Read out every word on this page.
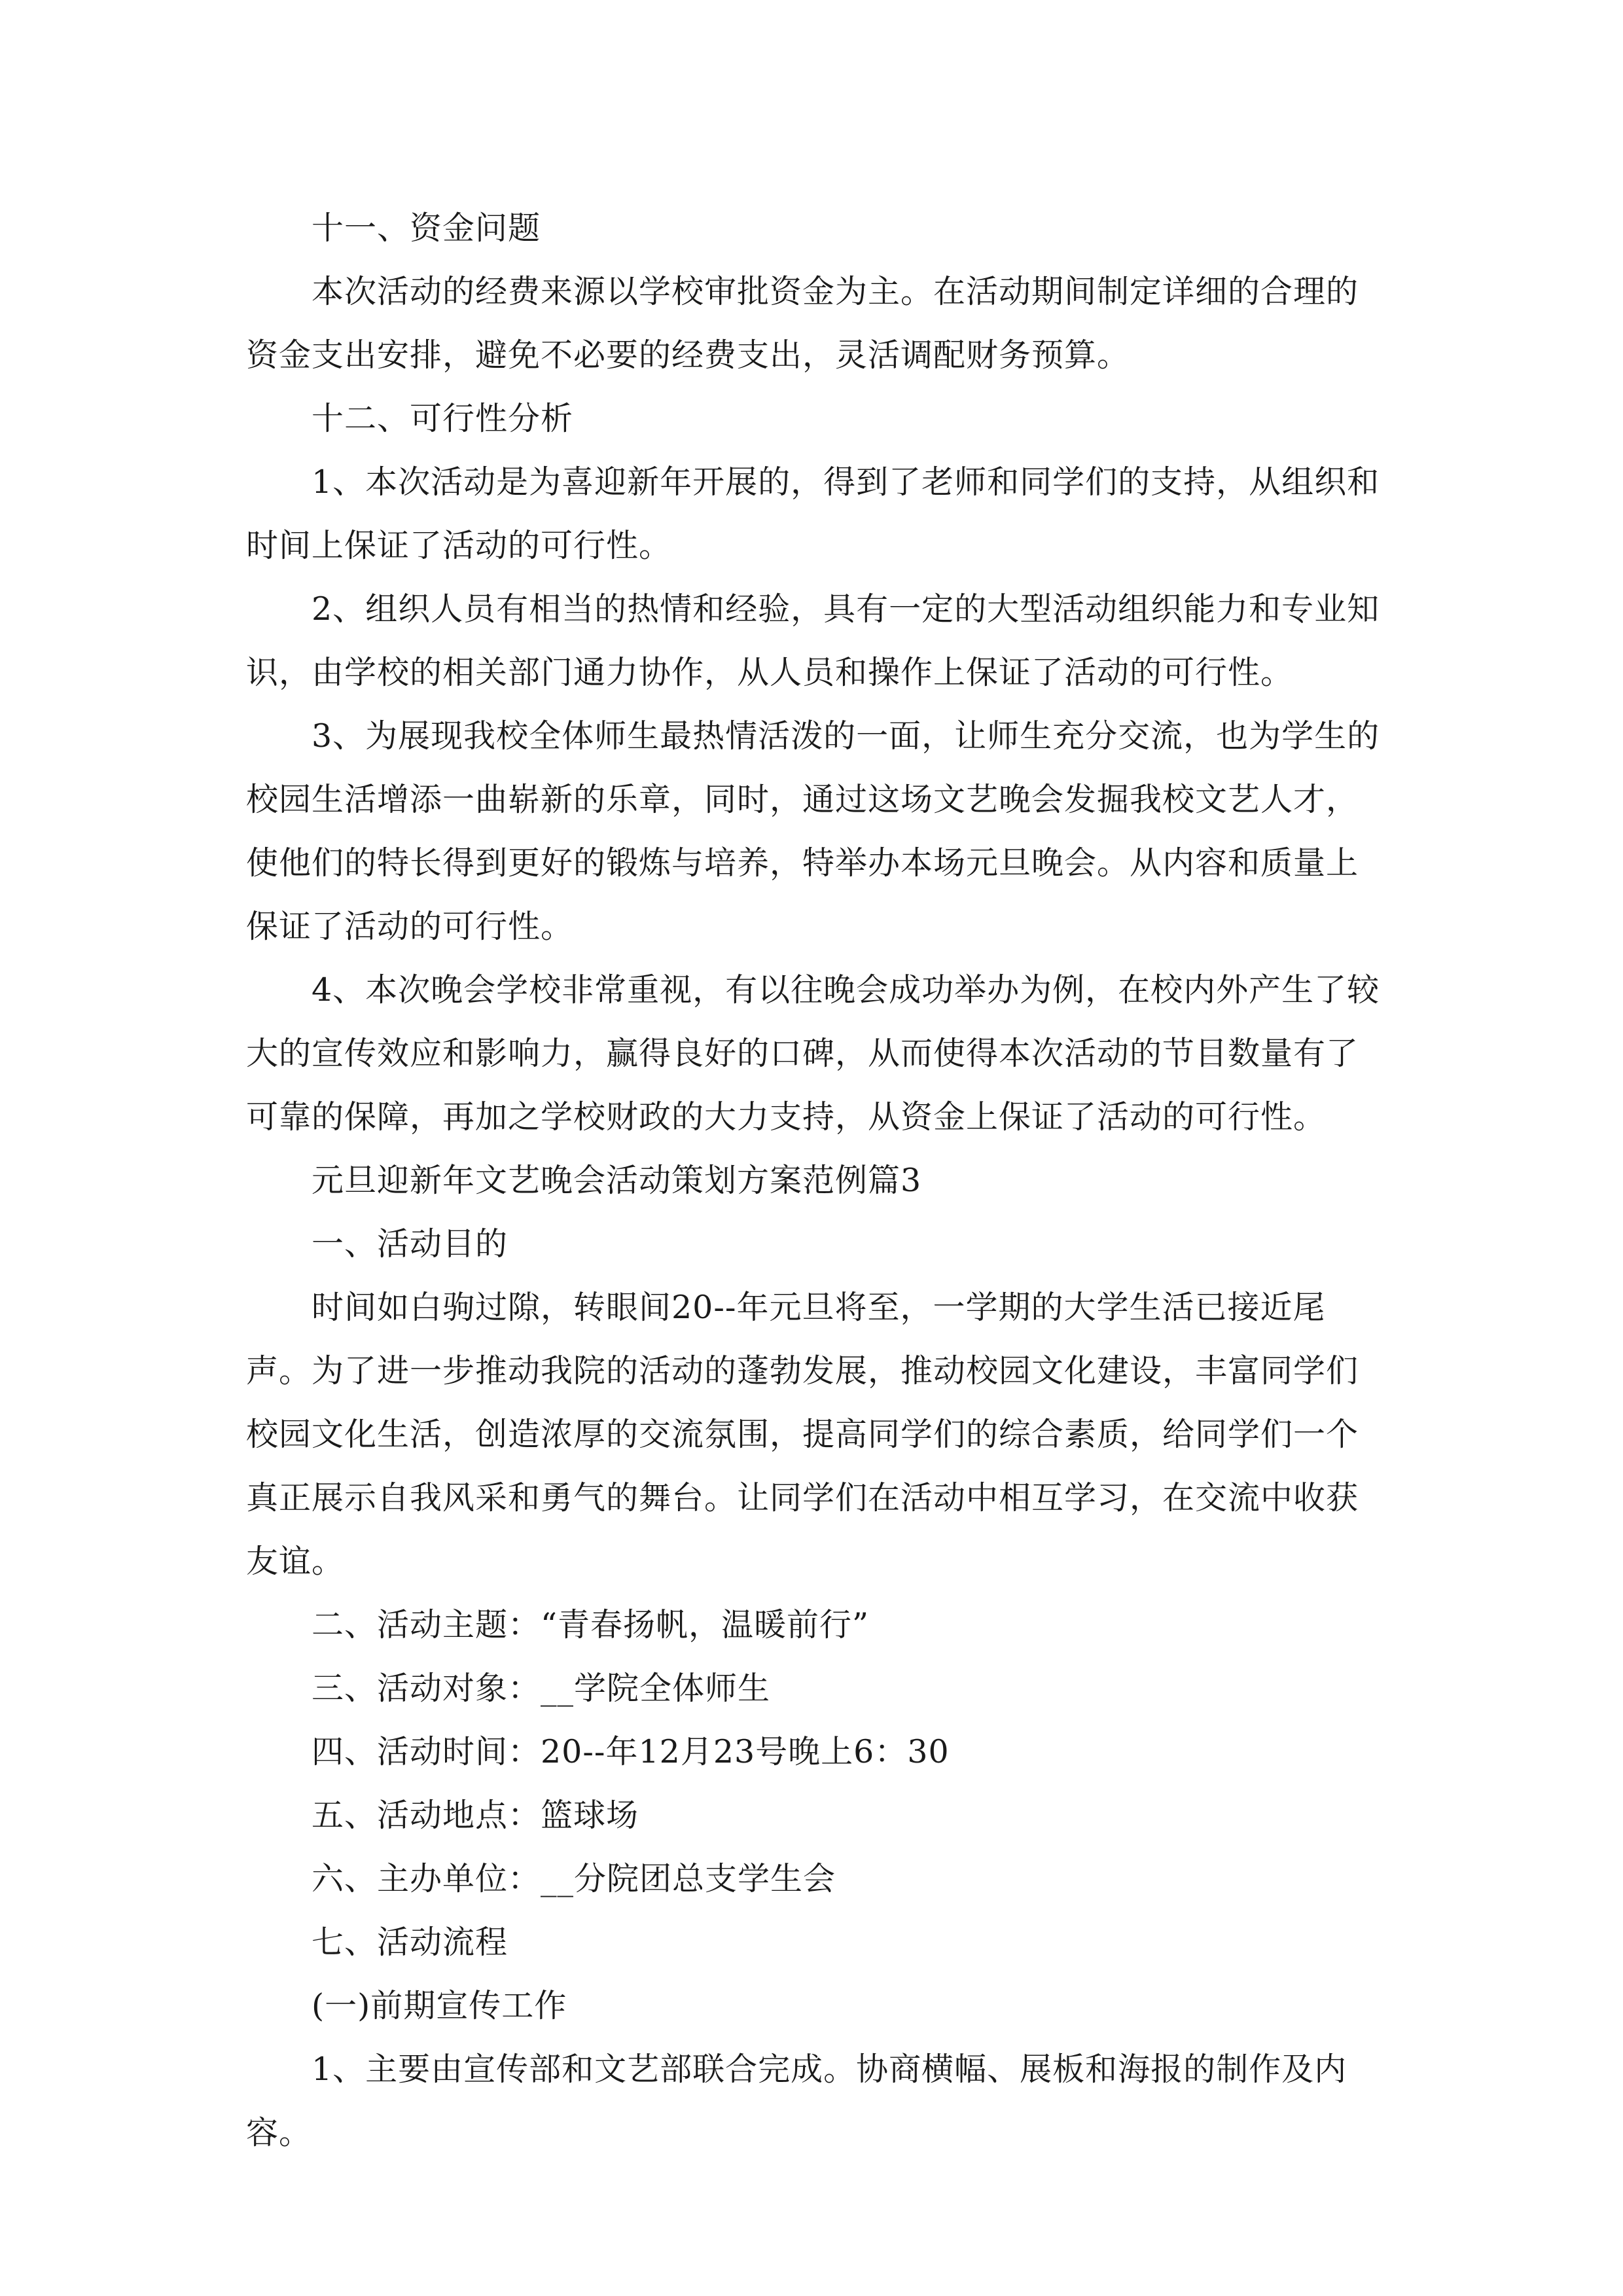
十一、资金问题

本次活动的经费来源以学校审批资金为主。在活动期间制定详细的合理的资金支出安排，避免不必要的经费支出，灵活调配财务预算。

十二、可行性分析

1、本次活动是为喜迎新年开展的，得到了老师和同学们的支持，从组织和时间上保证了活动的可行性。

2、组织人员有相当的热情和经验，具有一定的大型活动组织能力和专业知识，由学校的相关部门通力协作，从人员和操作上保证了活动的可行性。

3、为展现我校全体师生最热情活泼的一面，让师生充分交流，也为学生的校园生活增添一曲崭新的乐章，同时，通过这场文艺晚会发掘我校文艺人才，使他们的特长得到更好的锻炼与培养，特举办本场元旦晚会。从内容和质量上保证了活动的可行性。

4、本次晚会学校非常重视，有以往晚会成功举办为例，在校内外产生了较大的宣传效应和影响力，赢得良好的口碑，从而使得本次活动的节目数量有了可靠的保障，再加之学校财政的大力支持，从资金上保证了活动的可行性。

元旦迎新年文艺晚会活动策划方案范例篇3

一、活动目的

时间如白驹过隙，转眼间20--年元旦将至，一学期的大学生活已接近尾声。为了进一步推动我院的活动的蓬勃发展，推动校园文化建设，丰富同学们校园文化生活，创造浓厚的交流氛围，提高同学们的综合素质，给同学们一个真正展示自我风采和勇气的舞台。让同学们在活动中相互学习，在交流中收获友谊。

二、活动主题：“青春扬帆，温暖前行”

三、活动对象：__学院全体师生

四、活动时间：20--年12月23号晚上6：30

五、活动地点：篮球场

六、主办单位：__分院团总支学生会

七、活动流程

(一)前期宣传工作

1、主要由宣传部和文艺部联合完成。协商横幅、展板和海报的制作及内容。
